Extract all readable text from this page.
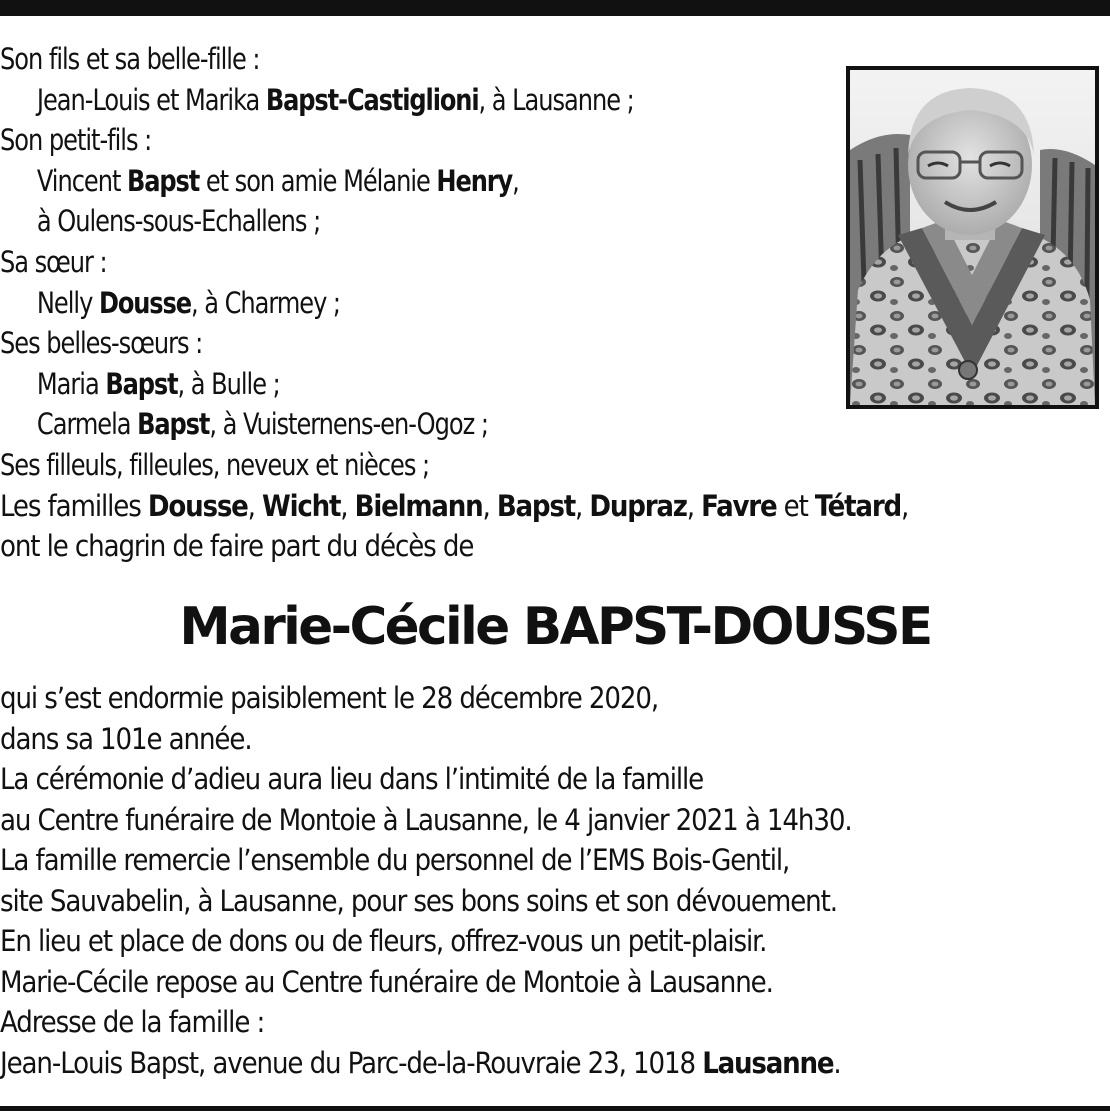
Son fils et sa belle-fille :
Jean-Louis et Marika Bapst-Castiglioni, à Lausanne ;
Son petit-fils :
Vincent Bapst et son amie Mélanie Henry,
à Oulens-sous-Echallens ;
Sa sœur :
Nelly Dousse, à Charmey ;
Ses belles-sœurs :
Maria Bapst, à Bulle ;
Carmela Bapst, à Vuisternens-en-Ogoz ;
Ses filleuls, filleules, neveux et nièces ;
Les familles Dousse, Wicht, Bielmann, Bapst, Dupraz, Favre et Tétard,
ont le chagrin de faire part du décès de
Marie-Cécile BAPST-DOUSSE
qui s’est endormie paisiblement le 28 décembre 2020,
dans sa 101e année.
La cérémonie d’adieu aura lieu dans l’intimité de la famille
au Centre funéraire de Montoie à Lausanne, le 4 janvier 2021 à 14h30.
La famille remercie l’ensemble du personnel de l’EMS Bois-Gentil,
site Sauvabelin, à Lausanne, pour ses bons soins et son dévouement.
En lieu et place de dons ou de fleurs, offrez-vous un petit-plaisir.
Marie-Cécile repose au Centre funéraire de Montoie à Lausanne.
Adresse de la famille :
Jean-Louis Bapst, avenue du Parc-de-la-Rouvraie 23, 1018 Lausanne.
